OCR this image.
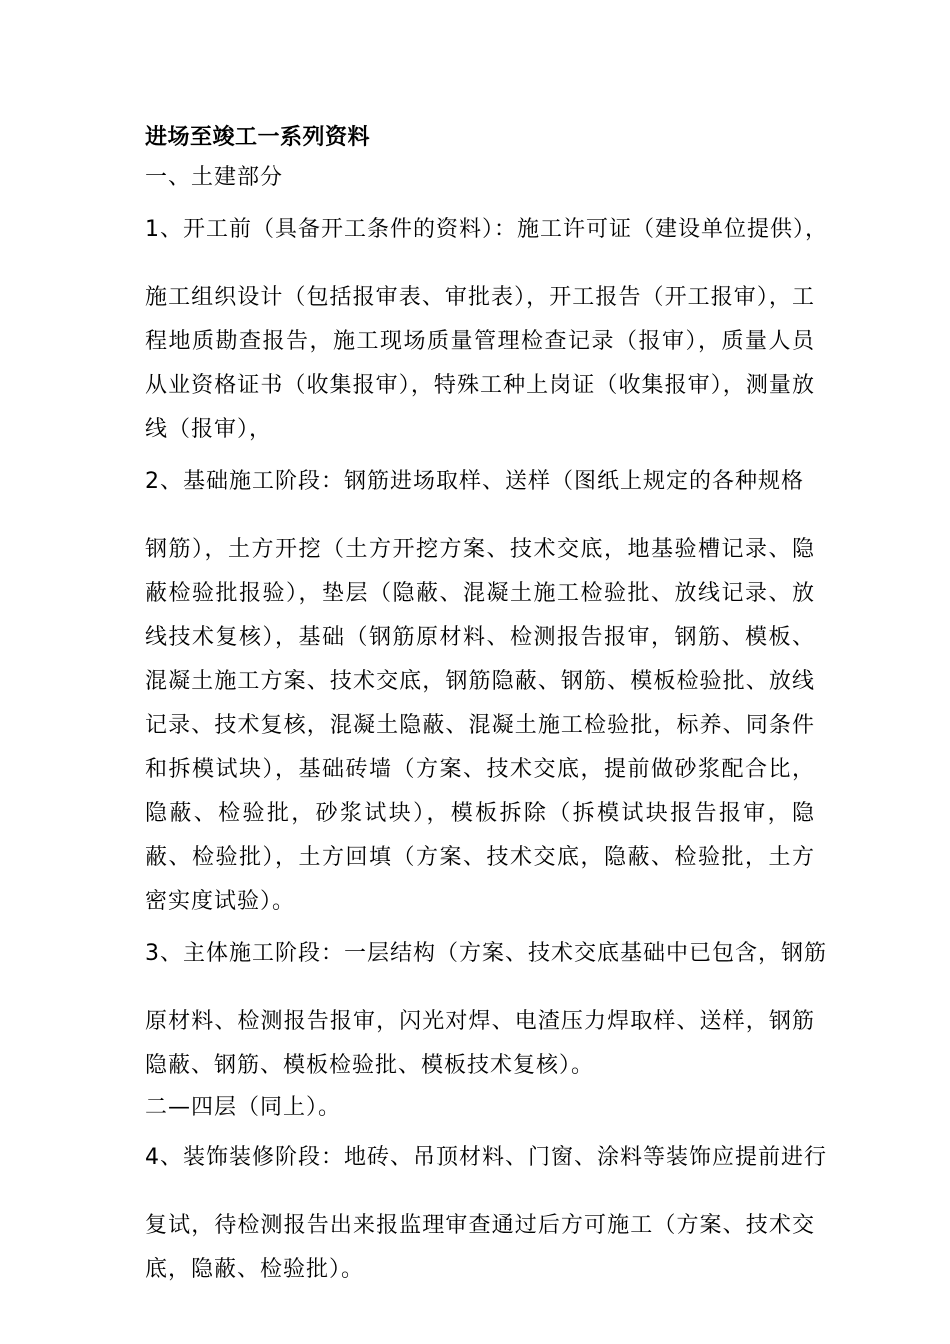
进场至竣工一系列资料

一、土建部分

1、开工前（具备开工条件的资料）：施工许可证（建设单位提供），

施工组织设计（包括报审表、审批表），开工报告（开工报审），工程地质勘查报告，施工现场质量管理检查记录（报审），质量人员从业资格证书（收集报审），特殊工种上岗证（收集报审），测量放线（报审），

2、基础施工阶段：钢筋进场取样、送样（图纸上规定的各种规格

钢筋），土方开挖（土方开挖方案、技术交底，地基验槽记录、隐蔽检验批报验），垫层（隐蔽、混凝土施工检验批、放线记录、放线技术复核），基础（钢筋原材料、检测报告报审，钢筋、模板、混凝土施工方案、技术交底，钢筋隐蔽、钢筋、模板检验批、放线记录、技术复核，混凝土隐蔽、混凝土施工检验批，标养、同条件和拆模试块），基础砖墙（方案、技术交底，提前做砂浆配合比，隐蔽、检验批，砂浆试块），模板拆除（拆模试块报告报审，隐蔽、检验批），土方回填（方案、技术交底，隐蔽、检验批，土方密实度试验）。

3、主体施工阶段：一层结构（方案、技术交底基础中已包含，钢筋

原材料、检测报告报审，闪光对焊、电渣压力焊取样、送样，钢筋隐蔽、钢筋、模板检验批、模板技术复核）。

二—四层（同上）。

4、装饰装修阶段：地砖、吊顶材料、门窗、涂料等装饰应提前进行

复试，待检测报告出来报监理审查通过后方可施工（方案、技术交底，隐蔽、检验批）。
